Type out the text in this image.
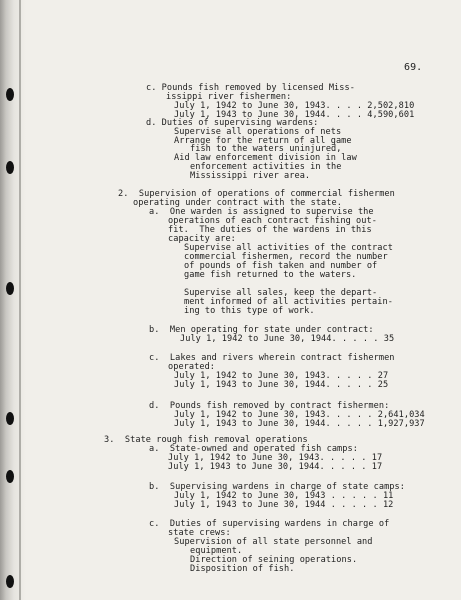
69.
c. Pounds fish removed by licensed Miss-
issippi river fishermen:
July 1, 1942 to June 30, 1943. . . . 2,502,810
July 1, 1943 to June 30, 1944. . . . 4,590,601
d. Duties of supervising wardens:
Supervise all operations of nets
Arrange for the return of all game
fish to the waters uninjured,
Aid law enforcement division in law
enforcement activities in the
Mississippi river area.
2.  Supervision of operations of commercial fishermen
operating under contract with the state.
a.  One warden is assigned to supervise the
operations of each contract fishing out-
fit.  The duties of the wardens in this
capacity are:
Supervise all activities of the contract
commercial fishermen, record the number
of pounds of fish taken and number of
game fish returned to the waters.
Supervise all sales, keep the depart-
ment informed of all activities pertain-
ing to this type of work.
b.  Men operating for state under contract:
July 1, 1942 to June 30, 1944. . . . . 35
c.  Lakes and rivers wherein contract fishermen
operated:
July 1, 1942 to June 30, 1943. . . . . 27
July 1, 1943 to June 30, 1944. . . . . 25
d.  Pounds fish removed by contract fishermen:
July 1, 1942 to June 30, 1943. . . . . 2,641,034
July 1, 1943 to June 30, 1944. . . . . 1,927,937
3.  State rough fish removal operations
a.  State-owned and operated fish camps:
July 1, 1942 to June 30, 1943. . . . . 17
July 1, 1943 to June 30, 1944. . . . . 17
b.  Supervising wardens in charge of state camps:
July 1, 1942 to June 30, 1943 . . . . . 11
July 1, 1943 to June 30, 1944 . . . . . 12
c.  Duties of supervising wardens in charge of
state crews:
Supervision of all state personnel and
equipment.
Direction of seining operations.
Disposition of fish.
